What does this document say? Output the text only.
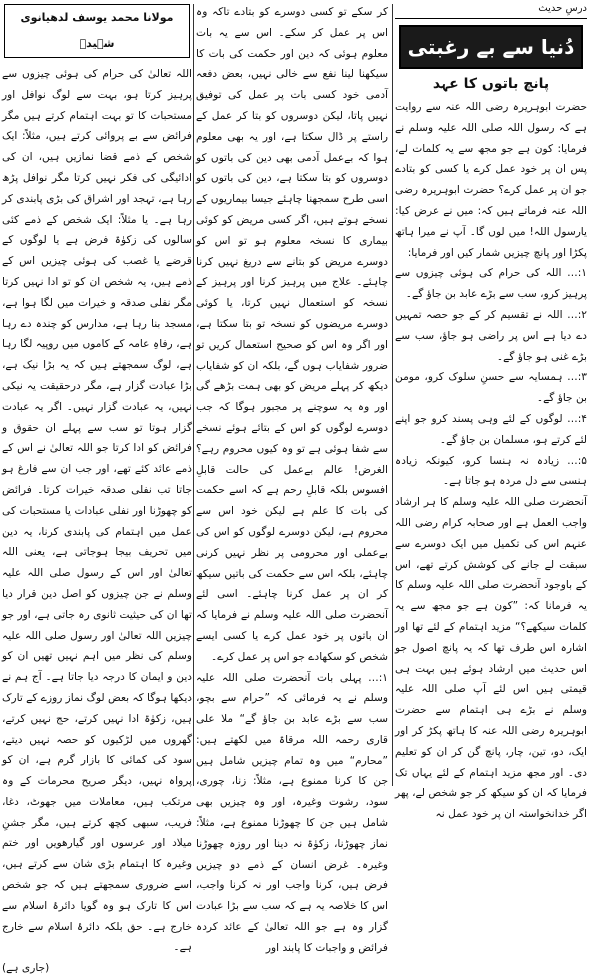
درسِ حدیث
دُنیا سے بے رغبتی
پانچ باتوں کا عہد

حضرت ابوہریرہ رضی اللہ عنہ سے روایت ہے کہ رسول اللہ صلی اللہ علیہ وسلم نے فرمایا: کون ہے جو مجھ سے یہ کلمات لے، پس ان پر خود عمل کرے یا کسی کو بتادے جو ان پر عمل کرے؟ حضرت ابوہریرہ رضی اللہ عنہ فرماتے ہیں کہ: میں نے عرض کیا: یارسول اللہ! میں لوں گا۔ آپ نے میرا ہاتھ پکڑا اور پانچ چیزیں شمار کیں اور فرمایا:

۱:… اللہ کی حرام کی ہوئی چیزوں سے پرہیز کرو، سب سے بڑے عابد بن جاؤ گے۔

۲:… اللہ نے تقسیم کر کے جو حصہ تمہیں دے دیا ہے اس پر راضی ہو جاؤ، سب سے بڑے غنی ہو جاؤ گے۔

۳:… ہمسایہ سے حسنِ سلوک کرو، مومن بن جاؤ گے۔

۴:… لوگوں کے لئے وہی پسند کرو جو اپنے لئے کرتے ہو، مسلمان بن جاؤ گے۔

۵:… زیادہ نہ ہنسا کرو، کیونکہ زیادہ ہنسی سے دل مردہ ہو جاتا ہے۔

آنحضرت صلی اللہ علیہ وسلم کا ہر ارشاد واجب العمل ہے اور صحابہ کرام رضی اللہ عنہم اس کی تکمیل میں ایک دوسرے سے سبقت لے جانے کی کوشش کرتے تھے، اس کے باوجود آنحضرت صلی اللہ علیہ وسلم کا یہ فرمانا کہ: ”کون ہے جو مجھ سے یہ کلمات سیکھے؟“ مزید اہتمام کے لئے تھا اور اشارہ اس طرف تھا کہ یہ پانچ اصول جو اس حدیث میں ارشاد ہوئے ہیں بہت ہی قیمتی ہیں اس لئے آپ صلی اللہ علیہ وسلم نے بڑے ہی اہتمام سے حضرت ابوہریرہ رضی اللہ عنہ کا ہاتھ پکڑ کر اور ایک، دو، تین، چار، پانچ گن کر ان کو تعلیم دی۔ اور مجھ مزید اہتمام کے لئے یہاں تک فرمایا کہ ان کو سیکھ کر جو شخص لے، پھر اگر خدانخواستہ ان پر خود عمل نہ

کر سکے تو کسی دوسرے کو بتادے تاکہ وہ اس پر عمل کر سکے۔ اس سے یہ بات معلوم ہوئی کہ دین اور حکمت کی بات کا سیکھنا لینا نفع سے خالی نہیں، بعض دفعہ آدمی خود کسی بات پر عمل کی توفیق نہیں پاتا، لیکن دوسروں کو بتا کر عمل کے راستے پر ڈال سکتا ہے، اور یہ بھی معلوم ہوا کہ بےعمل آدمی بھی دین کی باتوں کو دوسروں کو بتا سکتا ہے، دین کی باتوں کو اسی طرح سمجھنا چاہئے جیسا بیماریوں کے نسخے ہوتے ہیں، اگر کسی مریض کو کوئی بیماری کا نسخہ معلوم ہو تو اس کو دوسرے مریض کو بتانے سے دریغ نہیں کرنا چاہئے۔ علاج میں پرہیز کرنا اور پرہیز کے نسخہ کو استعمال نہیں کرتا، یا کوئی دوسرے مریضوں کو نسخہ تو بتا سکتا ہے، اور اگر وہ اس کو صحیح استعمال کریں تو ضرور شفایاب ہوں گے، بلکہ ان کو شفایاب دیکھ کر پہلے مریض کو بھی ہمت بڑھے گی اور وہ یہ سوچنے پر مجبور ہوگا کہ جب دوسرے لوگوں کو اس کے بتائے ہوئے نسخے سے شفا ہوئی ہے تو وہ کیوں محروم رہے؟ الغرض! عالم بےعمل کی حالت قابلِ افسوس بلکہ قابلِ رحم ہے کہ اسے حکمت کی بات کا علم ہے لیکن خود اس سے محروم ہے، لیکن دوسرے لوگوں کو اس کی بےعملی اور محرومی پر نظر نہیں کرنی چاہئے، بلکہ اس سے حکمت کی باتیں سیکھ کر ان پر عمل کرنا چاہئے۔ اسی لئے آنحضرت صلی اللہ علیہ وسلم نے فرمایا کہ ان باتوں پر خود عمل کرے یا کسی ایسے شخص کو سکھادے جو اس پر عمل کرے۔

۱:… پہلی بات آنحضرت صلی اللہ علیہ وسلم نے یہ فرمائی کہ ”حرام سے بچو، سب سے بڑے عابد بن جاؤ گے“ ملا علی قاری رحمہ اللہ مرقاۃ میں لکھتے ہیں: ”محارم“ میں وہ تمام چیزیں شامل ہیں جن کا کرنا ممنوع ہے، مثلاً: زنا، چوری، سود، رشوت وغیرہ، اور وہ چیزیں بھی شامل ہیں جن کا چھوڑنا ممنوع ہے، مثلاً: نماز چھوڑنا، زکوٰۃ نہ دینا اور روزہ چھوڑنا وغیرہ۔ غرض انسان کے ذمے دو چیزیں فرض ہیں، کرنا واجب اور نہ کرنا واجب، اس کا خلاصہ یہ ہے کہ سب سے بڑا عبادت گزار وہ ہے جو اللہ تعالیٰ کے عائد کردہ فرائض و واجبات کا پابند اور

مولانا محمد یوسف لدھیانوی شہیدؒ

اللہ تعالیٰ کی حرام کی ہوئی چیزوں سے پرہیز کرتا ہو، بہت سے لوگ نوافل اور مستحبات کا تو بہت اہتمام کرتے ہیں مگر فرائض سے بے پروائی کرتے ہیں، مثلاً: ایک شخص کے ذمے قضا نمازیں ہیں، ان کی ادائیگی کی فکر نہیں کرتا مگر نوافل پڑھ رہا ہے، تہجد اور اشراق کی بڑی پابندی کر رہا ہے۔ یا مثلاً: ایک شخص کے ذمے کئی سالوں کی زکوٰۃ فرض ہے یا لوگوں کے قرضے یا غصب کی ہوئی چیزیں اس کے ذمے ہیں، یہ شخص ان کو تو ادا نہیں کرتا مگر نفلی صدقہ و خیرات میں لگا ہوا ہے، مسجد بنا رہا ہے، مدارس کو چندہ دے رہا ہے، رفاہِ عامہ کے کاموں میں روپیہ لگا رہا ہے، لوگ سمجھتے ہیں کہ یہ بڑا نیک ہے، بڑا عبادت گزار ہے، مگر درحقیقت یہ نیکی نہیں، یہ عبادت گزار نہیں۔ اگر یہ عبادت گزار ہوتا تو سب سے پہلے ان حقوق و فرائض کو ادا کرتا جو اللہ تعالیٰ نے اس کے ذمے عائد کئے تھے، اور جب ان سے فارغ ہو جاتا تب نفلی صدقہ خیرات کرتا۔ فرائض کو چھوڑنا اور نفلی عبادات یا مستحبات کی عمل میں اہتمام کی پابندی کرنا، یہ دین میں تحریف بیجا ہوجاتی ہے، یعنی اللہ تعالیٰ اور اس کے رسول صلی اللہ علیہ وسلم نے جن چیزوں کو اصل دین قرار دیا تھا ان کی حیثیت ثانوی رہ جاتی ہے، اور جو چیزیں اللہ تعالیٰ اور رسول صلی اللہ علیہ وسلم کی نظر میں اہم نہیں تھیں ان کو دین و ایمان کا درجہ دیا جاتا ہے۔ آج ہم نے دیکھا ہوگا کہ بعض لوگ نماز روزے کے تارک ہیں، زکوٰۃ ادا نہیں کرتے، حج نہیں کرتے، گھروں میں لڑکیوں کو حصہ نہیں دیتے، سود کی کمائی کا بازار گرم ہے، ان کو پرواہ نہیں، دیگر صریح محرمات کے وہ مرتکب ہیں، معاملات میں جھوٹ، دغا، فریب، سبھی کچھ کرتے ہیں، مگر جشنِ میلاد اور عرسوں اور گیارھویں اور ختم وغیرہ کا اہتمام بڑی شان سے کرتے ہیں، اسے ضروری سمجھتے ہیں کہ جو شخص اس کا تارک ہو وہ گویا دائرۂ اسلام سے خارج ہے۔ حق بلکہ دائرۂ اسلام سے خارج ہے۔

(جاری ہے)
